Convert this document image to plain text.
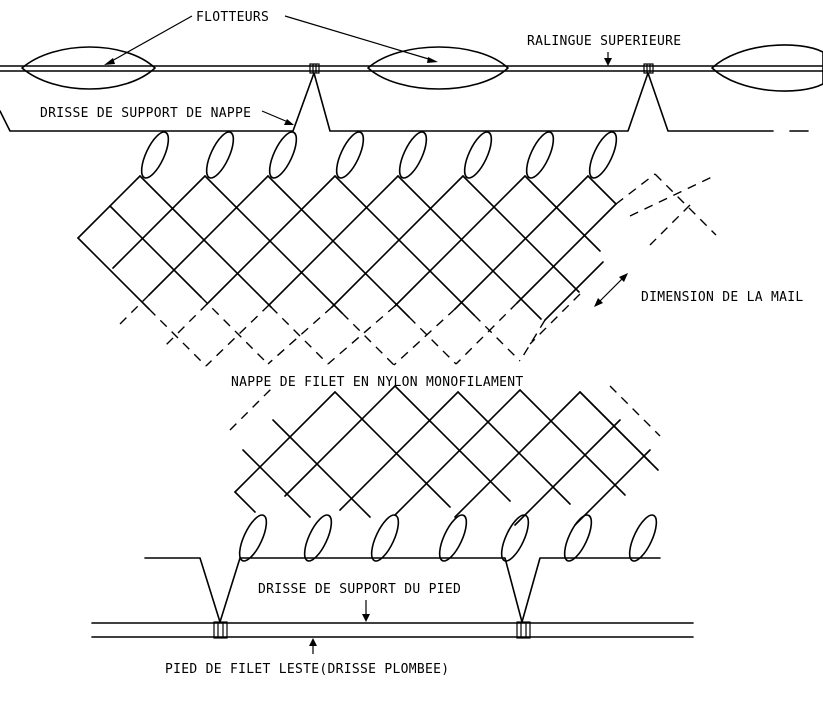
FLOTTEURS
RALINGUE SUPERIEURE
DRISSE DE SUPPORT DE NAPPE
DIMENSION DE LA MAIL
NAPPE DE FILET EN NYLON MONOFILAMENT
DRISSE DE SUPPORT DU PIED
PIED DE FILET LESTE(DRISSE PLOMBEE)
